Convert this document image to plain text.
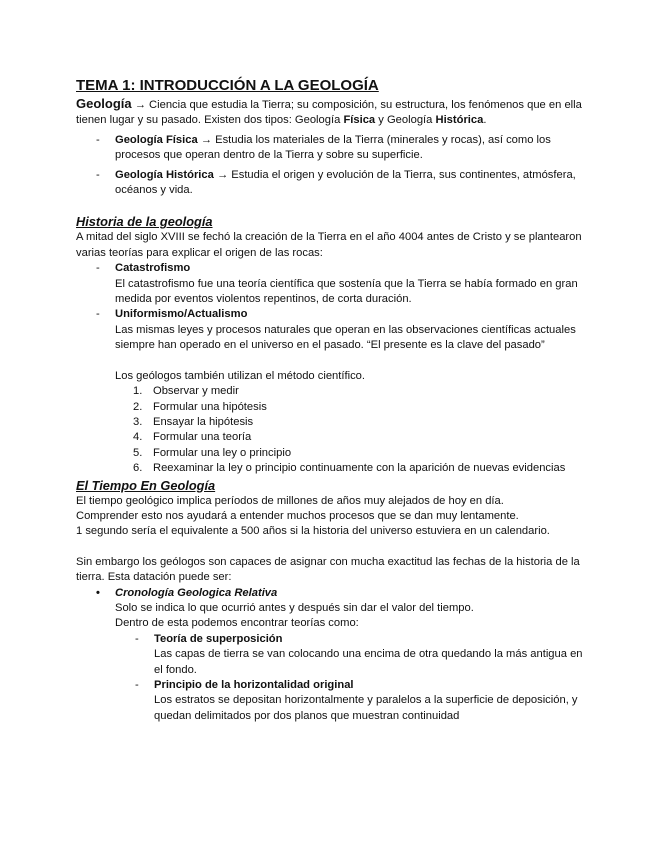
TEMA 1: INTRODUCCIÓN A LA GEOLOGÍA

Geología → Ciencia que estudia la Tierra; su composición, su estructura, los fenómenos que en ella tienen lugar y su pasado. Existen dos tipos: Geología Física y Geología Histórica.

- Geología Física → Estudia los materiales de la Tierra (minerales y rocas), así como los procesos que operan dentro de la Tierra y sobre su superficie.
- Geología Histórica → Estudia el origen y evolución de la Tierra, sus continentes, atmósfera, océanos y vida.
Historia de la geología

A mitad del siglo XVIII se fechó la creación de la Tierra en el año 4004 antes de Cristo y se plantearon varias teorías para explicar el origen de las rocas:

- Catastrofismo
El catastrofismo fue una teoría científica que sostenía que la Tierra se había formado en gran medida por eventos violentos repentinos, de corta duración.
- Uniformismo/Actualismo
Las mismas leyes y procesos naturales que operan en las observaciones científicas actuales siempre han operado en el universo en el pasado. “El presente es la clave del pasado”

Los geólogos también utilizan el método científico.

1. Observar y medir
2. Formular una hipótesis
3. Ensayar la hipótesis
4. Formular una teoría
5. Formular una ley o principio
6. Reexaminar la ley o principio continuamente con la aparición de nuevas evidencias
El Tiempo En Geología

El tiempo geológico implica períodos de millones de años muy alejados de hoy en día.

Comprender esto nos ayudará a entender muchos procesos que se dan muy lentamente.

1 segundo sería el equivalente a 500 años si la historia del universo estuviera en un calendario.

Sin embargo los geólogos son capaces de asignar con mucha exactitud las fechas de la historia de la tierra. Esta datación puede ser:

• Cronología Geologica Relativa
Solo se indica lo que ocurrió antes y después sin dar el valor del tiempo.
Dentro de esta podemos encontrar teorías como:
- Teoría de superposición
Las capas de tierra se van colocando una encima de otra quedando la más antigua en el fondo.
- Principio de la horizontalidad original
Los estratos se depositan horizontalmente y paralelos a la superficie de deposición, y quedan delimitados por dos planos que muestran continuidad
